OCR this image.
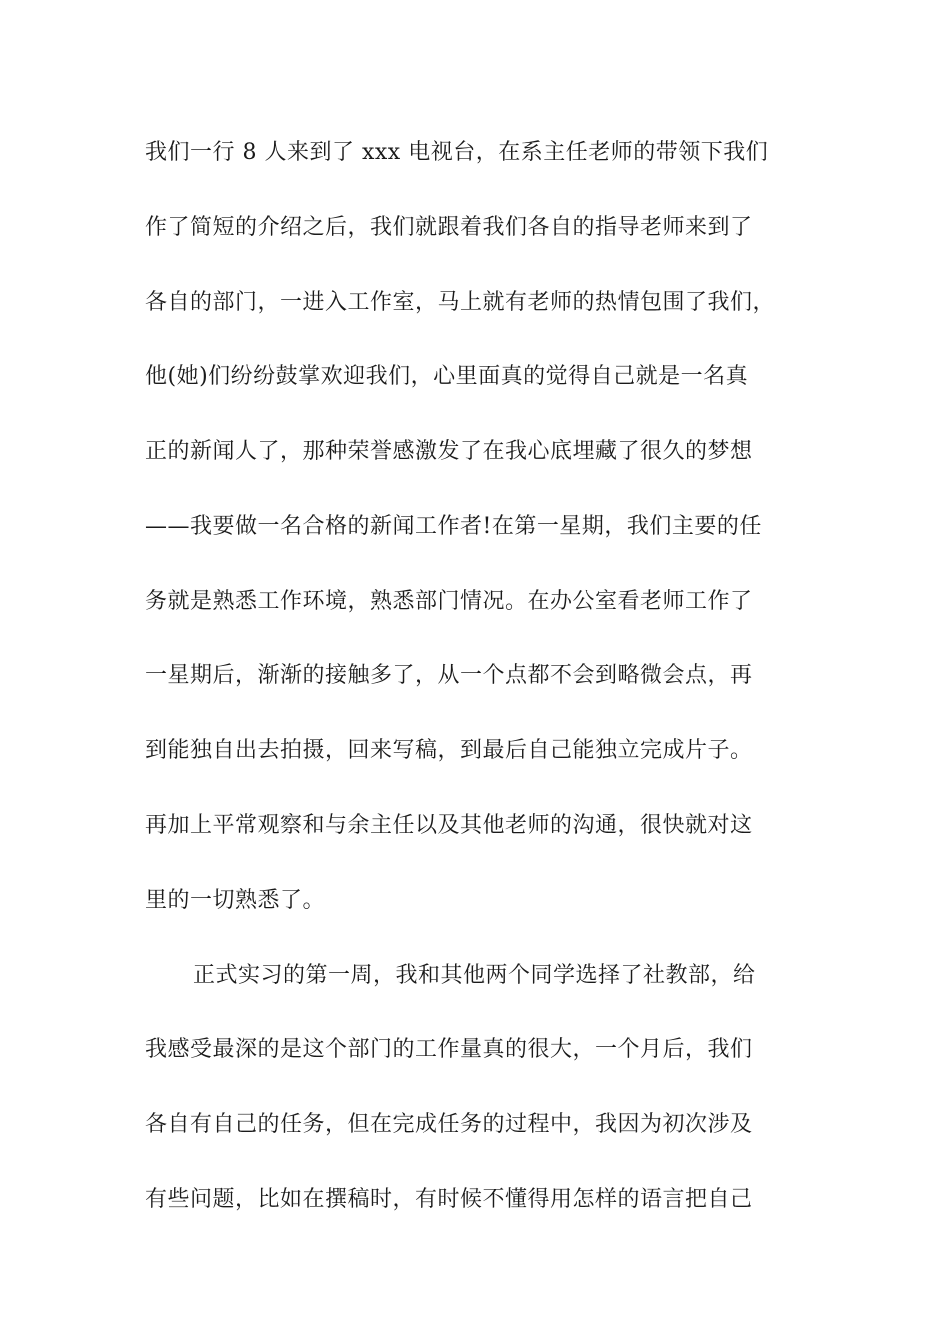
我们一行 8 人来到了 xxx 电视台，在系主任老师的带领下我们
作了简短的介绍之后，我们就跟着我们各自的指导老师来到了
各自的部门，一进入工作室，马上就有老师的热情包围了我们，
他(她)们纷纷鼓掌欢迎我们，心里面真的觉得自己就是一名真
正的新闻人了，那种荣誉感激发了在我心底埋藏了很久的梦想
——我要做一名合格的新闻工作者!在第一星期，我们主要的任
务就是熟悉工作环境，熟悉部门情况。在办公室看老师工作了
一星期后，渐渐的接触多了，从一个点都不会到略微会点，再
到能独自出去拍摄，回来写稿，到最后自己能独立完成片子。
再加上平常观察和与余主任以及其他老师的沟通，很快就对这
里的一切熟悉了。
正式实习的第一周，我和其他两个同学选择了社教部，给
我感受最深的是这个部门的工作量真的很大，一个月后，我们
各自有自己的任务，但在完成任务的过程中，我因为初次涉及
有些问题，比如在撰稿时，有时候不懂得用怎样的语言把自己
